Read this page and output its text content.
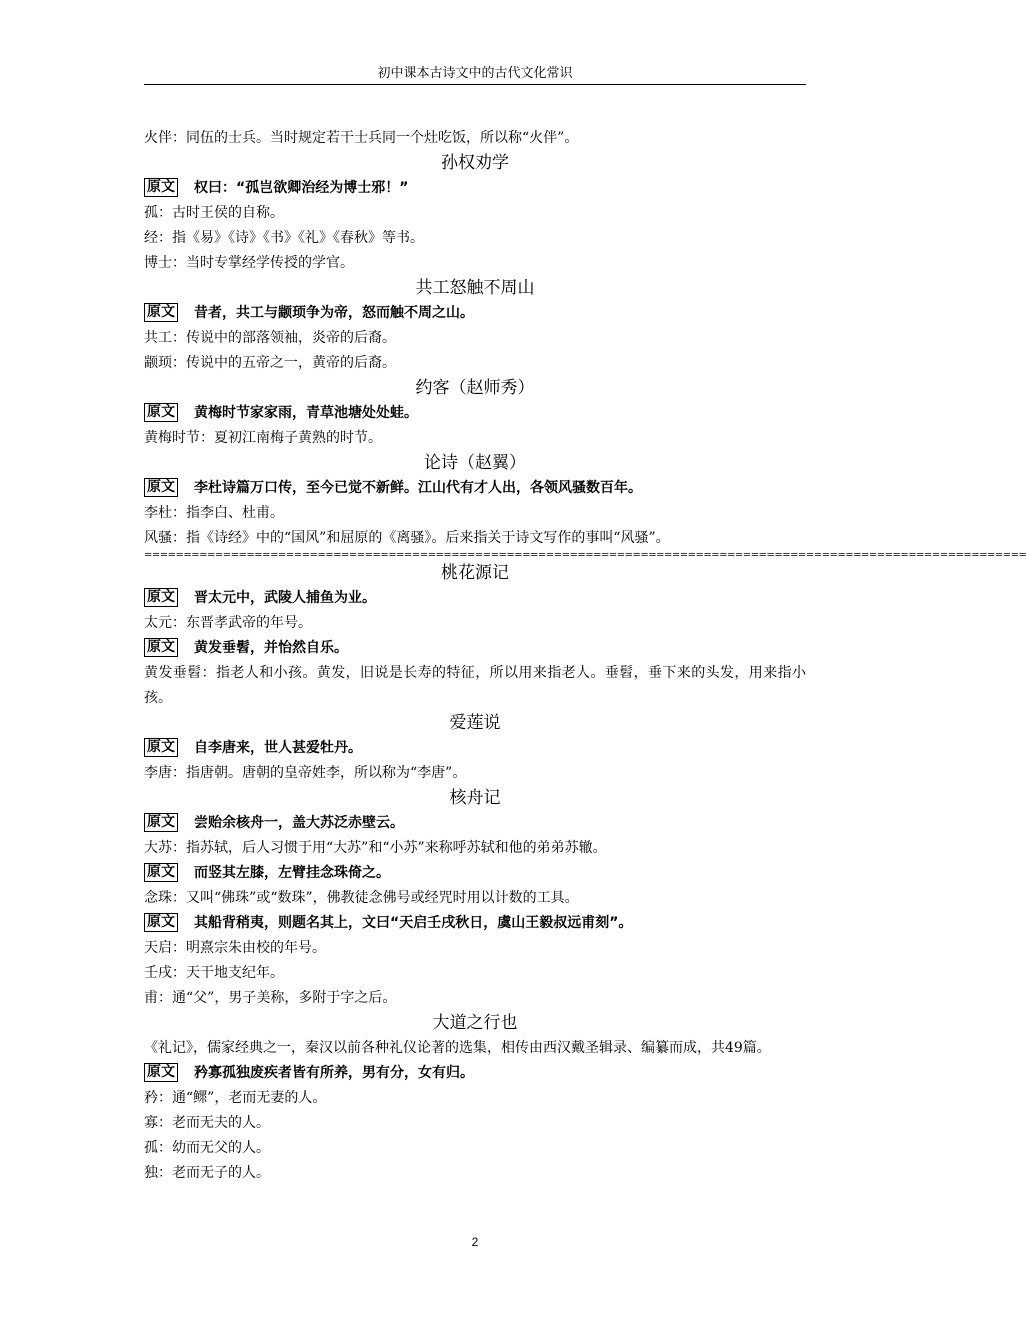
初中课本古诗文中的古代文化常识
火伴：同伍的士兵。当时规定若干士兵同一个灶吃饭，所以称“火伴”。
孙权劝学
原文 权曰：“孤岂欲卿治经为博士邪！”
孤：古时王侯的自称。
经：指《易》《诗》《书》《礼》《春秋》等书。
博士：当时专掌经学传授的学官。
共工怒触不周山
原文 昔者，共工与颛顼争为帝，怒而触不周之山。
共工：传说中的部落领袖，炎帝的后裔。
颛顼：传说中的五帝之一，黄帝的后裔。
约客（赵师秀）
原文 黄梅时节家家雨，青草池塘处处蛙。
黄梅时节：夏初江南梅子黄熟的时节。
论诗（赵翼）
原文 李杜诗篇万口传，至今已觉不新鲜。江山代有才人出，各领风骚数百年。
李杜：指李白、杜甫。
风骚：指《诗经》中的“国风”和屈原的《离骚》。后来指关于诗文写作的事叫“风骚”。
================================================================================================================
桃花源记
原文 晋太元中，武陵人捕鱼为业。
太元：东晋孝武帝的年号。
原文 黄发垂髫，并怡然自乐。
黄发垂髫：指老人和小孩。黄发，旧说是长寿的特征，所以用来指老人。垂髫，垂下来的头发，用来指小孩。
爱莲说
原文 自李唐来，世人甚爱牡丹。
李唐：指唐朝。唐朝的皇帝姓李，所以称为“李唐”。
核舟记
原文 尝贻余核舟一，盖大苏泛赤壁云。
大苏：指苏轼，后人习惯于用“大苏”和“小苏”来称呼苏轼和他的弟弟苏辙。
原文 而竖其左膝，左臂挂念珠倚之。
念珠：又叫“佛珠”或“数珠”，佛教徒念佛号或经咒时用以计数的工具。
原文 其船背稍夷，则题名其上，文曰“天启壬戌秋日，虞山王毅叔远甫刻”。
天启：明熹宗朱由校的年号。
壬戌：天干地支纪年。
甫：通“父”，男子美称，多附于字之后。
大道之行也
《礼记》，儒家经典之一，秦汉以前各种礼仪论著的选集，相传由西汉戴圣辑录、编纂而成，共49篇。
原文 矜寡孤独废疾者皆有所养，男有分，女有归。
矜：通“鳏”，老而无妻的人。
寡：老而无夫的人。
孤：幼而无父的人。
独：老而无子的人。
2
